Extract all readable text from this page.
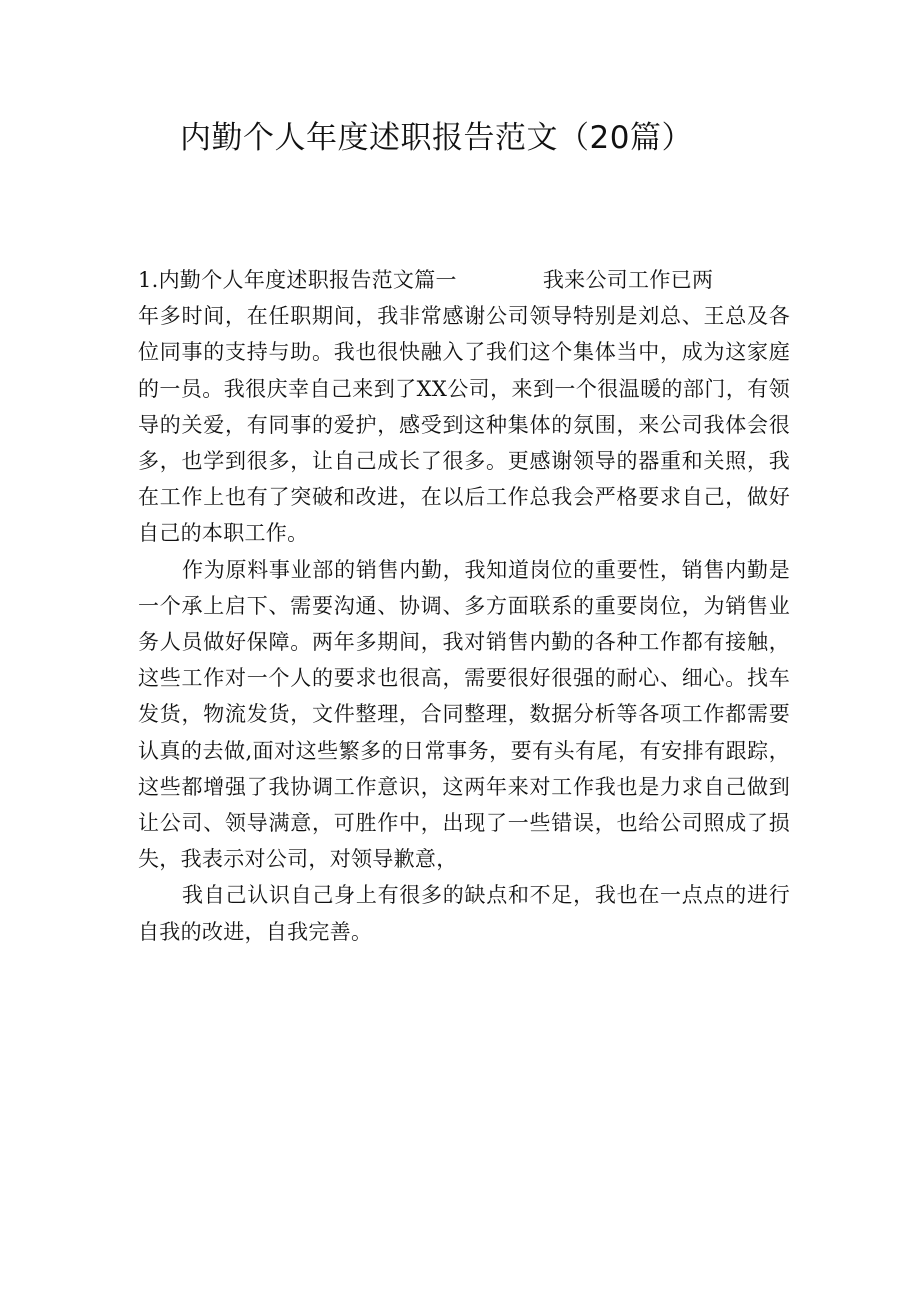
内勤个人年度述职报告范文（20篇）
1.内勤个人年度述职报告范文篇一	我来公司工作已两
年多时间，在任职期间，我非常感谢公司领导特别是刘总、王总及各位同事的支持与助。我也很快融入了我们这个集体当中，成为这家庭的一员。我很庆幸自己来到了XX公司，来到一个很温暖的部门，有领导的关爱，有同事的爱护，感受到这种集体的氛围，来公司我体会很多，也学到很多，让自己成长了很多。更感谢领导的器重和关照，我在工作上也有了突破和改进，在以后工作总我会严格要求自己，做好自己的本职工作。

作为原料事业部的销售内勤，我知道岗位的重要性，销售内勤是一个承上启下、需要沟通、协调、多方面联系的重要岗位，为销售业务人员做好保障。两年多期间，我对销售内勤的各种工作都有接触，这些工作对一个人的要求也很高，需要很好很强的耐心、细心。找车发货，物流发货，文件整理，合同整理，数据分析等各项工作都需要认真的去做,面对这些繁多的日常事务，要有头有尾，有安排有跟踪，这些都增强了我协调工作意识，这两年来对工作我也是力求自己做到让公司、领导满意，可胜作中，出现了一些错误，也给公司照成了损失，我表示对公司，对领导歉意，

我自己认识自己身上有很多的缺点和不足，我也在一点点的进行自我的改进，自我完善。
